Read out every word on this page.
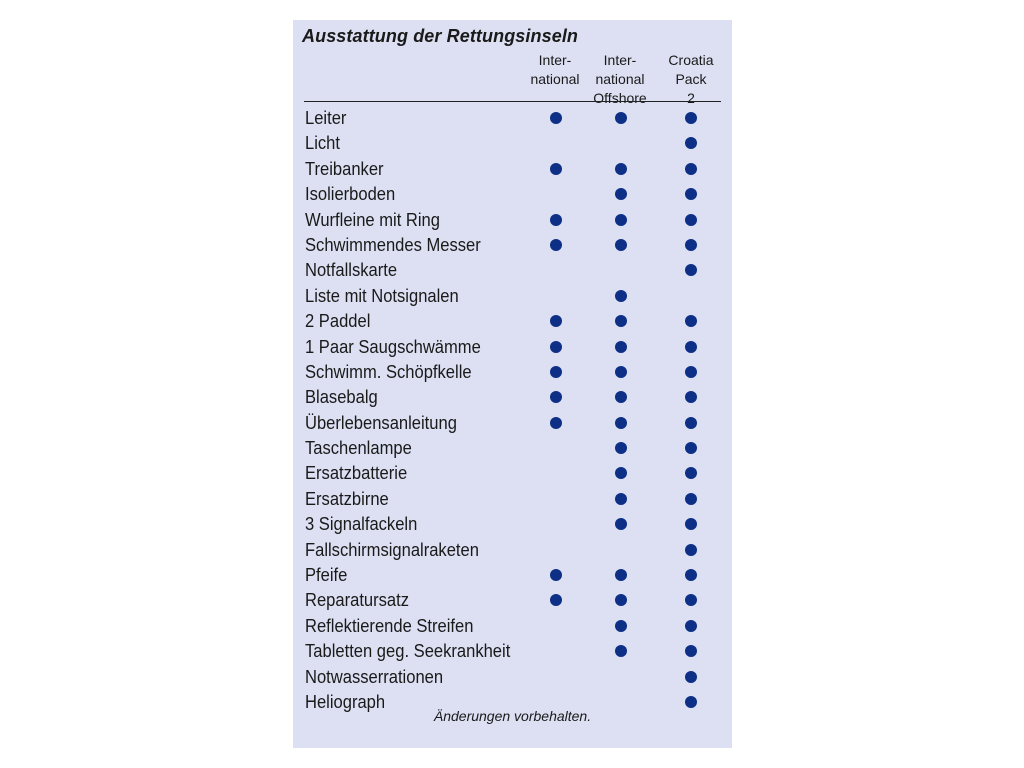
Ausstattung der Rettungsinseln
Inter-
national
Inter-
national
Offshore
Croatia
Pack
2
Leiter
Licht
Treibanker
Isolierboden
Wurfleine mit Ring
Schwimmendes Messer
Notfallskarte
Liste mit Notsignalen
2 Paddel
1 Paar Saugschwämme
Schwimm. Schöpfkelle
Blasebalg
Überlebensanleitung
Taschenlampe
Ersatzbatterie
Ersatzbirne
3 Signalfackeln
Fallschirmsignalraketen
Pfeife
Reparatursatz
Reflektierende Streifen
Tabletten geg. Seekrankheit
Notwasserrationen
Heliograph
Änderungen vorbehalten.
